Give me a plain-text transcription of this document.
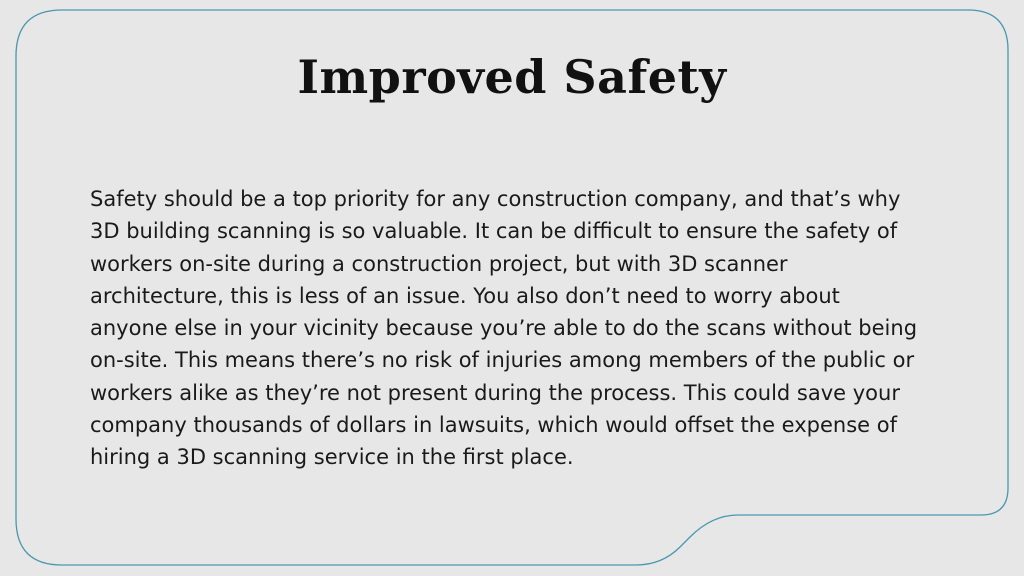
Improved Safety
Safety should be a top priority for any construction company, and that’s why
3D building scanning is so valuable. It can be difficult to ensure the safety of
workers on-site during a construction project, but with 3D scanner
architecture, this is less of an issue. You also don’t need to worry about
anyone else in your vicinity because you’re able to do the scans without being
on-site. This means there’s no risk of injuries among members of the public or
workers alike as they’re not present during the process. This could save your
company thousands of dollars in lawsuits, which would offset the expense of
hiring a 3D scanning service in the first place.
